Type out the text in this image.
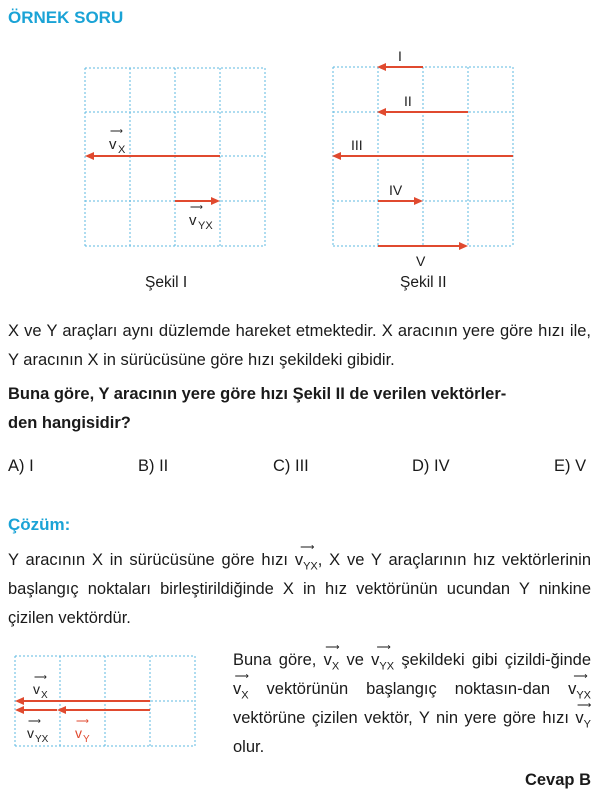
ÖRNEK SORU
⟶
v X
⟶
v YX
Şekil I
I
II
III
IV
V
Şekil II
X ve Y araçları aynı düzlemde hareket etmektedir. X aracının yere göre hızı ile, Y aracının X in sürücüsüne göre hızı şekildeki gibidir.
Buna göre, Y aracının yere göre hızı Şekil II de verilen vektörler-
den hangisidir?
A) I	B) II	C) III	D) IV	E) V
Çözüm:
Y aracının X in sürücüsüne göre hızı
⟶
$v_{YX}$, X ve Y araçlarının hız vektörlerinin başlangıç noktaları birleştirildiğinde X in hız vektörünün ucundan Y ninkine çizilen vektördür.
⟶
v X
⟶
v YX
⟶
v Y
Buna göre,
⟶
$v_X$ ve
⟶
$v_{YX}$ şekildeki gibi çizildi-ğinde
⟶
$v_X$ vektörünün başlangıç noktasın-dan
⟶
$v_{YX}$ vektörüne çizilen vektör, Y nin yere göre hızı
⟶
$v_Y$ olur.
Cevap B
